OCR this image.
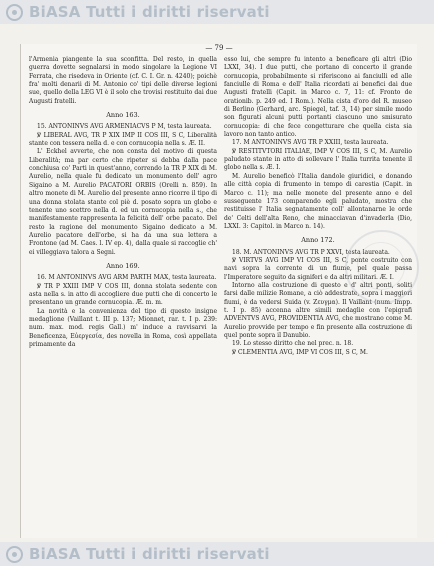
BiASA Tutti i diritti riservati
— 79 —

l'Armenia piangente la sua sconfitta. Del resto, in quella guerra dovette segnalarsi in modo singolare la Legione VI Ferrata, che risedeva in Oriente (cf. C. I. Gr. n. 4240); poichè fra' molti denarii di M. Antonio co' tipi delle diverse legioni sue, quello della LEG VI è il solo che trovisi restituito dai due Augusti fratelli.

Anno 163.

15. ANTONINVS AVG ARMENIACVS P M, testa laureata.

℣ LIBERAL AVG, TR P XIX IMP II COS III, S C, Liberalità stante con tessera nella d. e con cornucopia nella s. Æ. II.

L' Eckhel avverte, che non consta del motivo di questa Liberalità; ma par certo che ripeter si debba dalla pace conchiusa co' Parti in quest'anno, correndo la TR P XIX di M. Aurelio, nella quale fu dedicato un monumento dell' agro Sigaino a M. Aurelio PACATORI ORBIS (Orelli n. 859). In altro monete di M. Aurelio del presente anno ricorre il tipo di una donna stolata stante col piè d. posato sopra un globo e tenente uno scettro nella d. ed un cornucopia nella s., che manifestamente rappresenta la felicità dell' orbe pacato. Del resto la ragione del monumento Sigaino dedicato a M. Aurelio pacatore dell'orbe, si ha da una sua lettera a Frontone (ad M. Caes. l. IV ep. 4), dalla quale si raccoglie ch' ei villeggiava talora a Segni.

Anno 169.

16. M ANTONINVS AVG ARM PARTH MAX, testa laureata.

℣ TR P XXIII IMP V COS III, donna stolata sedente con asta nella s. in atto di accogliere due putti che di concerto le presentano un grande cornucopia. Æ. m. m.

La novità e la convenienza del tipo di questo insigne medaglione (Vaillant t. III p. 137; Mionnet, rar. t. I p. 239: num. max. mod. regis Gall.) m' induce a ravvisarvi la Beneficenza, Εὐεργεσία, des novella in Roma, così appellata primamente da

esso lui, che sempre fu intento a beneficare gli altri (Dio LXXI, 34). I due putti, che portano di concerto il grande cornucopia, probabilmente si riferiscono ai fanciulli ed alle fanciulle di Roma e dell' Italia ricordati ai benefici dai due Augusti fratelli (Capit. in Marco c. 7, 11: cf. Fronto de orationib. p. 249 ed. I Rom.). Nella cista d'oro del R. museo di Berlino (Gerhard, arc. Spiegel, taf. 3, 14) per simile modo son figurati alcuni putti portanti ciascuno uno smisurato cornucopia: di che fece congetturare che quella cista sia lavoro non tanto antico.

17. M ANTONINVS AVG TR P XXIII, testa laureata.

℣ RESTITVTORI ITALIAE, IMP V COS III, S C, M. Aurelio paludato stante in atto di sollevare l' Italia turrita tenente il globo nella s. Æ. I.

M. Aurelio beneficò l'Italia dandole giuridici, e donando alle città copia di frumento in tempo di carestia (Capit. in Marco c. 11); ma nelle monete del presente anno e del susseguente 173 comparendo egli paludato, mostra che restituisse l' Italia segnatamente coll' allontanarne le orde de' Celti dell'alta Reno, che minacciavan d'invaderla (Dio, LXXI. 3: Capitol. in Marco n. 14).

Anno 172.

18. M. ANTONINVS AVG TR P XXVI, testa laureata.

℣ VIRTVS AVG IMP VI COS III, S C, ponte costruito con navi sopra la corrente di un fiume, pel quale passa l'Imperatore seguito da signiferi e da altri militari. Æ. I.

Intorno alla costruzione di questo e d' altri ponti, soliti farsi dalle milizie Romane, a ciò addestrate, sopra i maggiori fiumi, è da vedersi Suida (v. Ζευγμα). Il Vaillant (num. Impp. t. I p. 85) accenna altre simili medaglie con l'epigrafi ADVENTVS AVG, PROVIDENTIA AVG, che mostrano come M. Aurelio provvide per tempo e fin presente alla costruzione di quel ponte sopra il Danubio.

19. Lo stesso diritto che nel prec. n. 18.

℣ CLEMENTIA AVG, IMP VI COS III, S C, M.

BiASA Tutti i diritti riservati
